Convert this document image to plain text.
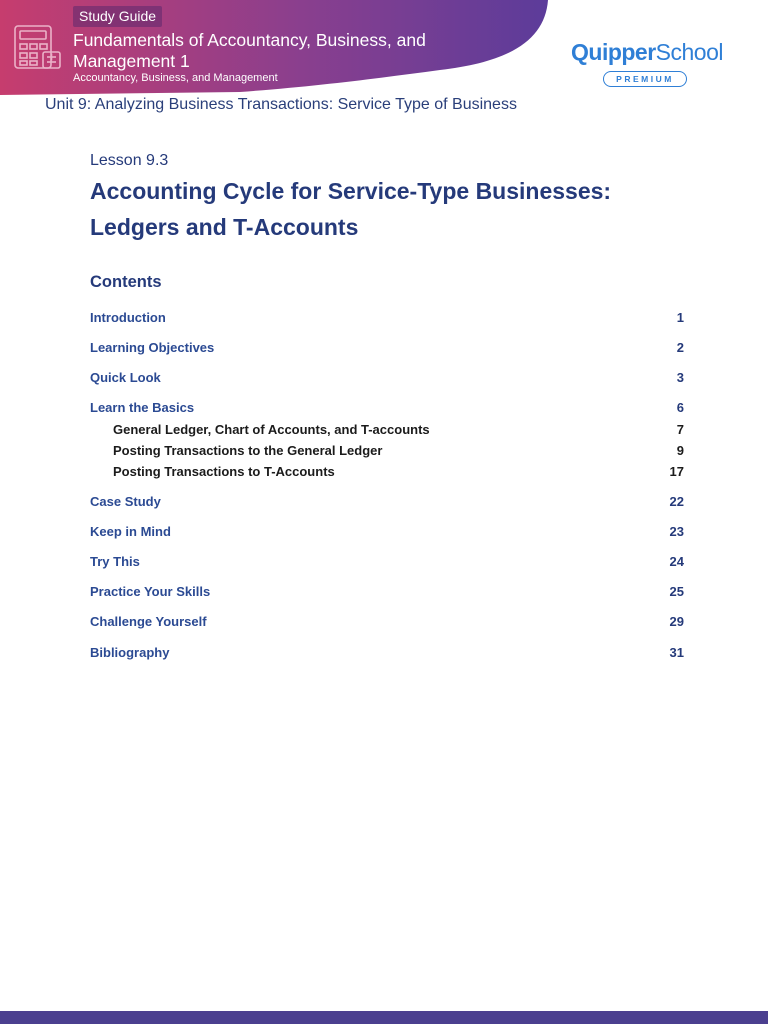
Study Guide
Fundamentals of Accountancy, Business, and Management 1
Accountancy, Business, and Management
QuipperSchool
PREMIUM
Unit 9: Analyzing Business Transactions: Service Type of Business
Lesson 9.3
Accounting Cycle for Service-Type Businesses:
Ledgers and T-Accounts
Contents
Introduction	1
Learning Objectives	2
Quick Look	3
Learn the Basics	6
General Ledger, Chart of Accounts, and T-accounts	7
Posting Transactions to the General Ledger	9
Posting Transactions to T-Accounts	17
Case Study	22
Keep in Mind	23
Try This	24
Practice Your Skills	25
Challenge Yourself	29
Bibliography	31
